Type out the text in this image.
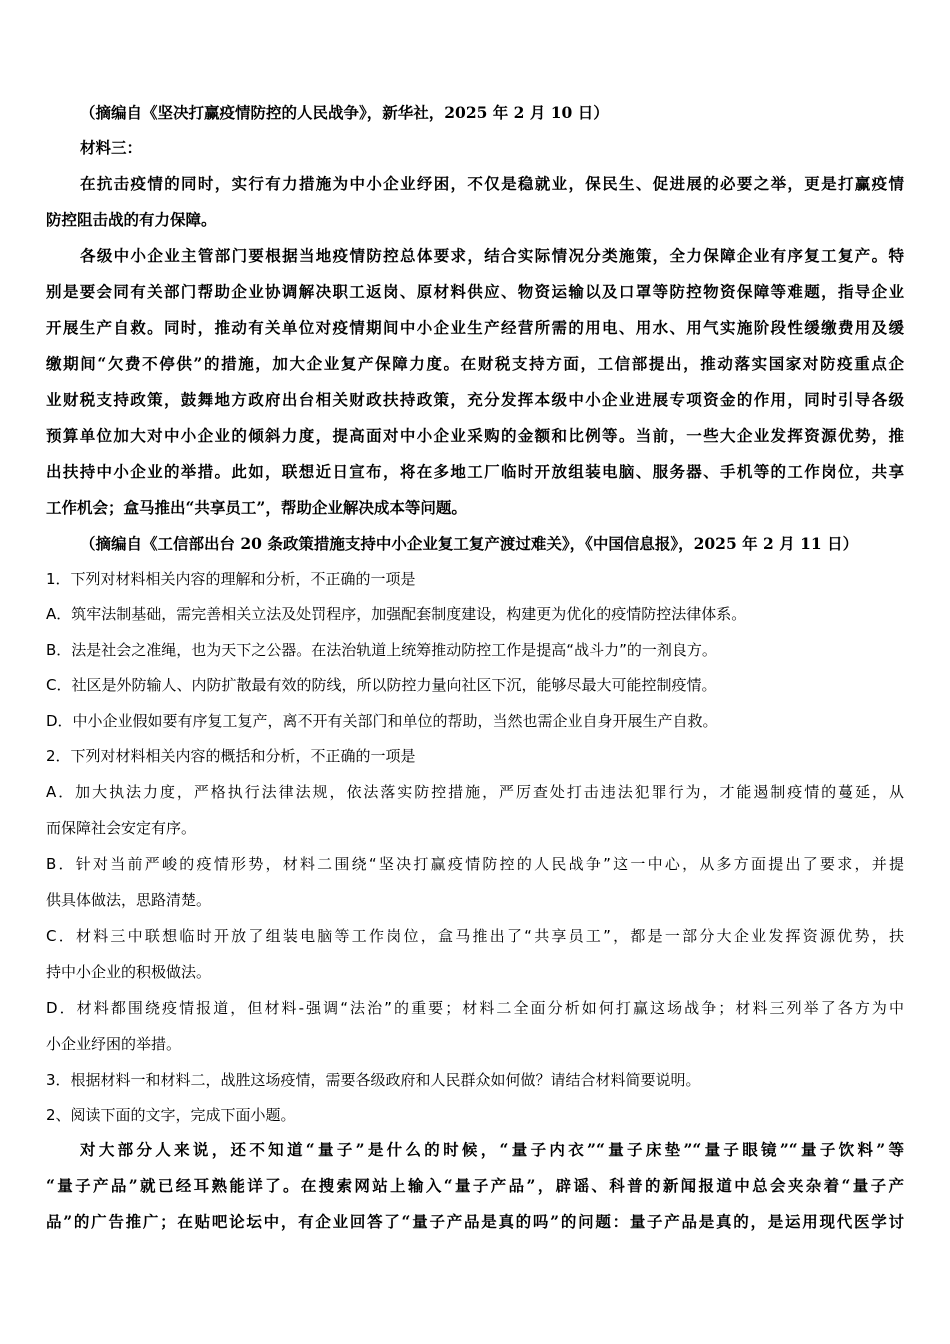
（摘编自《坚决打赢疫情防控的人民战争》，新华社，2025 年 2 月 10 日）
材料三：
在抗击疫情的同时，实行有力措施为中小企业纾困，不仅是稳就业，保民生、促进展的必要之举，更是打赢疫情
防控阻击战的有力保障。
各级中小企业主管部门要根据当地疫情防控总体要求，结合实际情况分类施策，全力保障企业有序复工复产。特
别是要会同有关部门帮助企业协调解决职工返岗、原材料供应、物资运输以及口罩等防控物资保障等难题，指导企业
开展生产自救。同时，推动有关单位对疫情期间中小企业生产经营所需的用电、用水、用气实施阶段性缓缴费用及缓
缴期间“欠费不停供”的措施，加大企业复产保障力度。在财税支持方面，工信部提出，推动落实国家对防疫重点企
业财税支持政策，鼓舞地方政府出台相关财政扶持政策，充分发挥本级中小企业进展专项资金的作用，同时引导各级
预算单位加大对中小企业的倾斜力度，提高面对中小企业采购的金额和比例等。当前，一些大企业发挥资源优势，推
出扶持中小企业的举措。此如，联想近日宣布，将在多地工厂临时开放组装电脑、服务器、手机等的工作岗位，共享
工作机会；盒马推出“共享员工”，帮助企业解决成本等问题。
（摘编自《工信部出台 20 条政策措施支持中小企业复工复产渡过难关》，《中国信息报》，2025 年 2 月 11 日）
1．下列对材料相关内容的理解和分析，不正确的一项是
A．筑牢法制基础，需完善相关立法及处罚程序，加强配套制度建设，构建更为优化的疫情防控法律体系。
B．法是社会之准绳，也为天下之公器。在法治轨道上统筹推动防控工作是提高“战斗力”的一剂良方。
C．社区是外防输人、内防扩散最有效的防线，所以防控力量向社区下沉，能够尽最大可能控制疫情。
D．中小企业假如要有序复工复产，离不开有关部门和单位的帮助，当然也需企业自身开展生产自救。
2．下列对材料相关内容的概括和分析，不正确的一项是
A．加大执法力度，严格执行法律法规，依法落实防控措施，严厉查处打击违法犯罪行为，才能遏制疫情的蔓延，从
而保障社会安定有序。
B．针对当前严峻的疫情形势，材料二围绕“坚决打赢疫情防控的人民战争”这一中心，从多方面提出了要求，并提
供具体做法，思路清楚。
C．材料三中联想临时开放了组装电脑等工作岗位，盒马推出了“共享员工”，都是一部分大企业发挥资源优势，扶
持中小企业的积极做法。
D．材料都围绕疫情报道，但材料-强调“法治”的重要；材料二全面分析如何打赢这场战争；材料三列举了各方为中
小企业纾困的举措。
3．根据材料一和材料二，战胜这场疫情，需要各级政府和人民群众如何做？请结合材料简要说明。
2、阅读下面的文字，完成下面小题。
对大部分人来说，还不知道“量子”是什么的时候，“量子内衣”“量子床垫”“量子眼镜”“量子饮料”等
“量子产品”就已经耳熟能详了。在搜索网站上输入“量子产品”，辟谣、科普的新闻报道中总会夹杂着“量子产
品”的广告推广；在贴吧论坛中，有企业回答了“量子产品是真的吗”的问题：量子产品是真的，是运用现代医学讨
